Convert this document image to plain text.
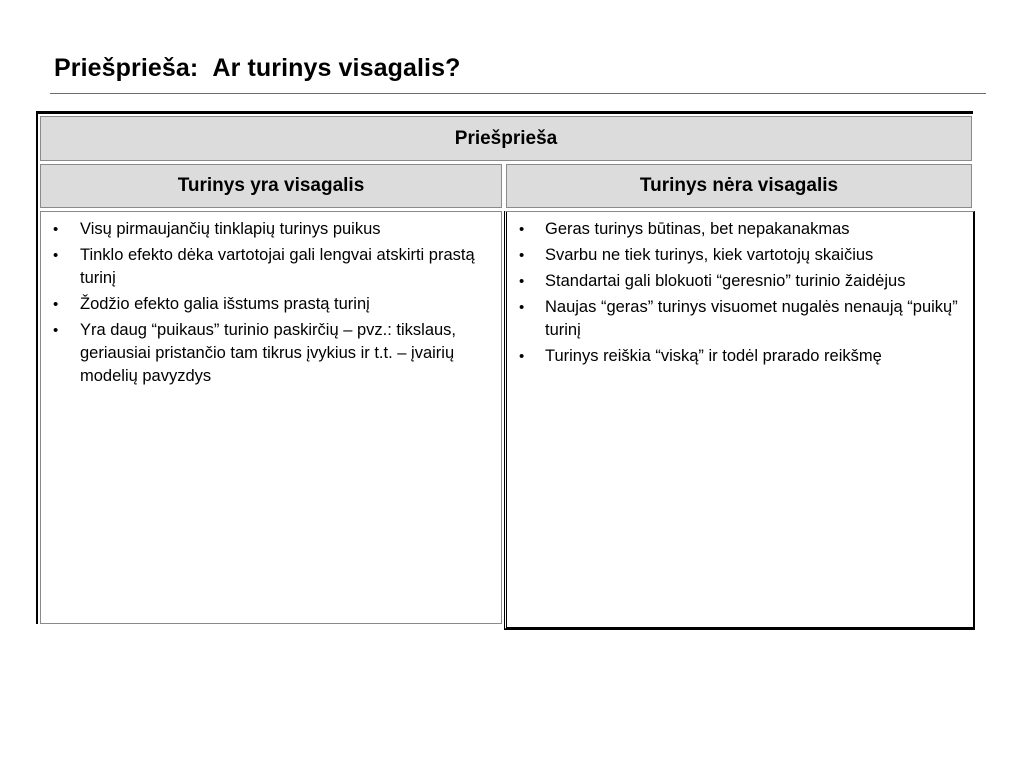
Priešpriešа:  Ar turinys visagalis?
Priešpriešа
Turinys yra visagalis	Turinys nėra visagalis
• Visų pirmaujančių tinklapių turinys puikus
• Tinklo efekto dėka vartotojai gali lengvai atskirti prastą turinį
• Žodžio efekto galia išstums prastą turinį
• Yra daug “puikaus” turinio paskirčių – pvz.: tikslaus, geriausiai pristančio tam tikrus įvykius ir t.t. – įvairių modelių pavyzdys
• Geras turinys būtinas, bet nepakanakmas
• Svarbu ne tiek turinys, kiek vartotojų skaičius
• Standartai gali blokuoti “geresnio” turinio žaidėjus
• Naujas “geras” turinys visuomet nugalės nenaują “puikų” turinį
• Turinys reiškia “viską” ir todėl prarado reikšmę
